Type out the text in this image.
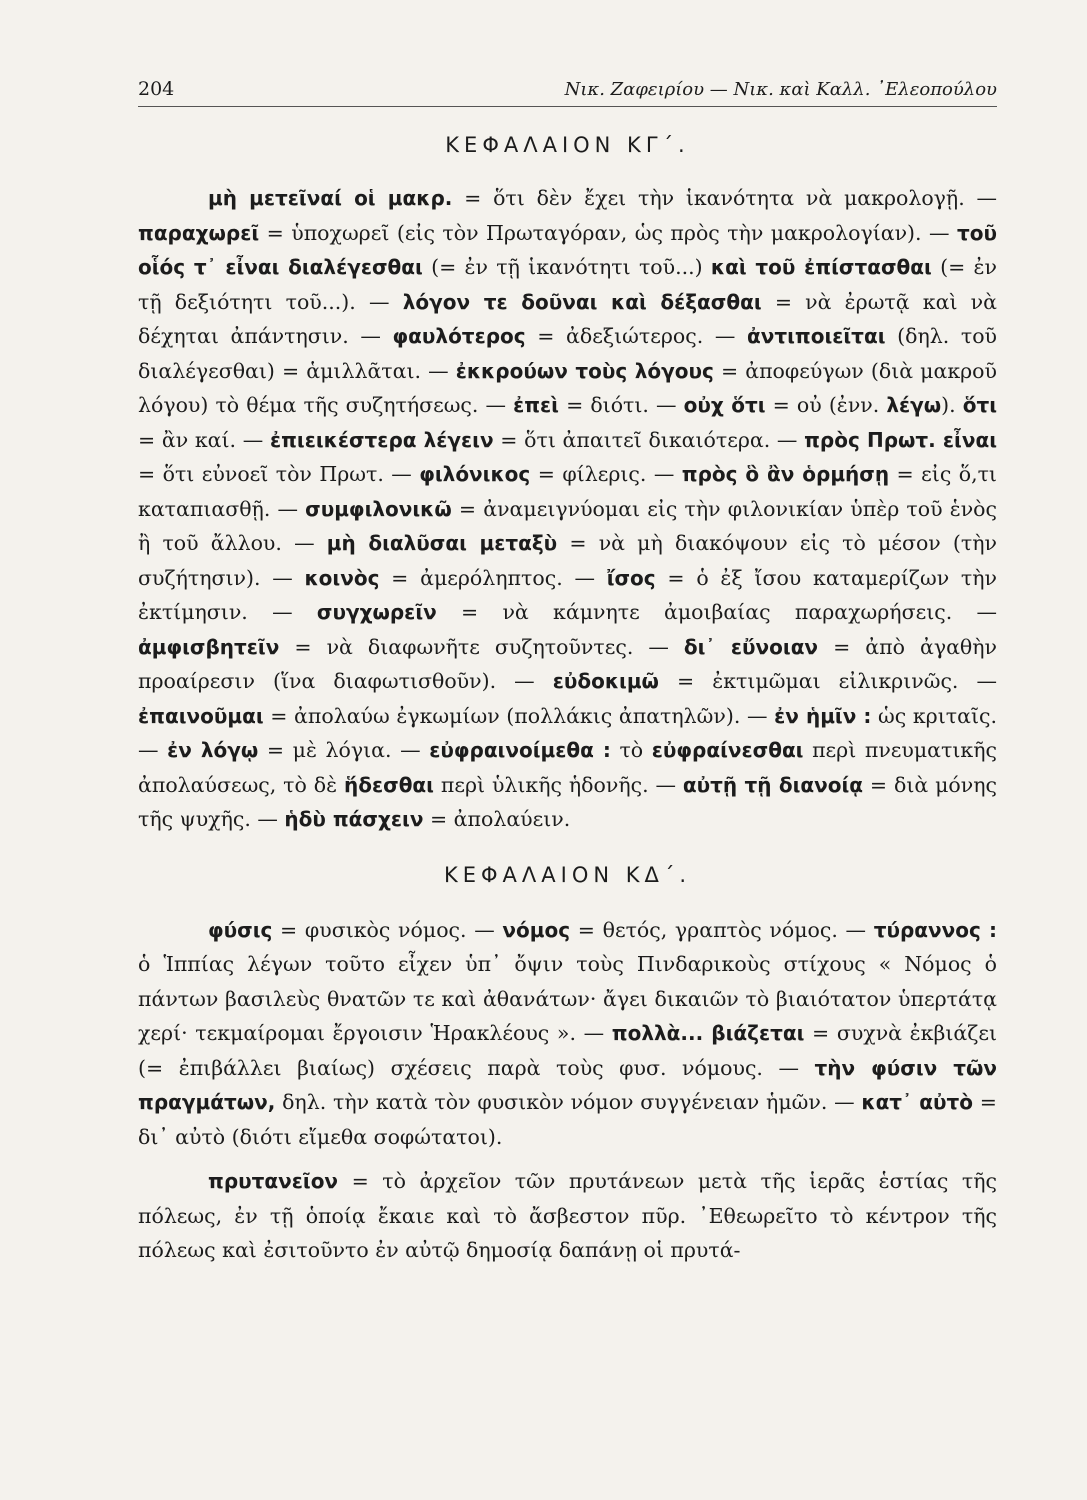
204	Νικ. Ζαφειρίου — Νικ. καὶ Καλλ. ᾿Ελεοπούλου
ΚΕΦΑΛΑΙΟΝ ΚΓ΄.

μὴ μετεῖναί οἱ μακρ. = ὅτι δὲν ἔχει τὴν ἱκανότητα νὰ μακρολογῇ. — παραχωρεῖ = ὑποχωρεῖ (εἰς τὸν Πρωταγόραν, ὡς πρὸς τὴν μακρολογίαν). — τοῦ οἷός τ᾿ εἶναι διαλέγεσθαι (= ἐν τῇ ἱκανότητι τοῦ...) καὶ τοῦ ἐπίστασθαι (= ἐν τῇ δεξιότητι τοῦ...). — λόγον τε δοῦναι καὶ δέξασθαι = νὰ ἐρωτᾷ καὶ νὰ δέχηται ἀπάντησιν. — φαυλότερος = ἀδεξιώτερος. — ἀντιποιεῖται (δηλ. τοῦ διαλέγεσθαι) = ἁμιλλᾶται. — ἐκκρούων τοὺς λόγους = ἀποφεύγων (διὰ μακροῦ λόγου) τὸ θέμα τῆς συζητήσεως. — ἐπεὶ = διότι. — οὐχ ὅτι = οὐ (ἐνν. λέγω). ὅτι = ἂν καί. — ἐπιεικέστερα λέγειν = ὅτι ἀπαιτεῖ δικαιότερα. — πρὸς Πρωτ. εἶναι = ὅτι εὐνοεῖ τὸν Πρωτ. — φιλόνικος = φίλερις. — πρὸς ὃ ἂν ὁρμήσῃ = εἰς ὅ,τι καταπιασθῇ. — συμφιλονικῶ = ἀναμειγνύομαι εἰς τὴν φιλονικίαν ὑπὲρ τοῦ ἑνὸς ἢ τοῦ ἄλλου. — μὴ διαλῦσαι μεταξὺ = νὰ μὴ διακόψουν εἰς τὸ μέσον (τὴν συζήτησιν). — κοινὸς = ἀμερόληπτος. — ἴσος = ὁ ἐξ ἴσου καταμερίζων τὴν ἐκτίμησιν. — συγχωρεῖν = νὰ κάμνητε ἀμοιβαίας παραχωρήσεις. — ἀμφισβητεῖν = νὰ διαφωνῆτε συζητοῦντες. — δι᾿ εὔνοιαν = ἀπὸ ἀγαθὴν προαίρεσιν (ἵνα διαφωτισθοῦν). — εὐδοκιμῶ = ἐκτιμῶμαι εἰλικρινῶς. — ἐπαινοῦμαι = ἀπολαύω ἐγκωμίων (πολλάκις ἀπατηλῶν). — ἐν ἡμῖν : ὡς κριταῖς. — ἐν λόγῳ = μὲ λόγια. — εὐφραινοίμεθα : τὸ εὐφραίνεσθαι περὶ πνευματικῆς ἀπολαύσεως, τὸ δὲ ἥδεσθαι περὶ ὑλικῆς ἡδονῆς. — αὐτῇ τῇ διανοίᾳ = διὰ μόνης τῆς ψυχῆς. — ἡδὺ πάσχειν = ἀπολαύειν.

ΚΕΦΑΛΑΙΟΝ ΚΔ΄.

φύσις = φυσικὸς νόμος. — νόμος = θετός, γραπτὸς νόμος. — τύραννος : ὁ Ἱππίας λέγων τοῦτο εἶχεν ὑπ᾿ ὄψιν τοὺς Πινδαρικοὺς στίχους « Νόμος ὁ πάντων βασιλεὺς θνατῶν τε καὶ ἀθανάτων· ἄγει δικαιῶν τὸ βιαιότατον ὑπερτάτᾳ χερί· τεκμαίρομαι ἔργοισιν Ἡρακλέους ». — πολλὰ... βιάζεται = συχνὰ ἐκβιάζει (= ἐπιβάλλει βιαίως) σχέσεις παρὰ τοὺς φυσ. νόμους. — τὴν φύσιν τῶν πραγμάτων, δηλ. τὴν κατὰ τὸν φυσικὸν νόμον συγγένειαν ἡμῶν. — κατ᾿ αὐτὸ = δι᾿ αὐτὸ (διότι εἴμεθα σοφώτατοι).

πρυτανεῖον = τὸ ἀρχεῖον τῶν πρυτάνεων μετὰ τῆς ἱερᾶς ἑστίας τῆς πόλεως, ἐν τῇ ὁποίᾳ ἔκαιε καὶ τὸ ἄσβεστον πῦρ. ᾿Εθεωρεῖτο τὸ κέντρον τῆς πόλεως καὶ ἐσιτοῦντο ἐν αὐτῷ δημοσίᾳ δαπάνῃ οἱ πρυτά-
